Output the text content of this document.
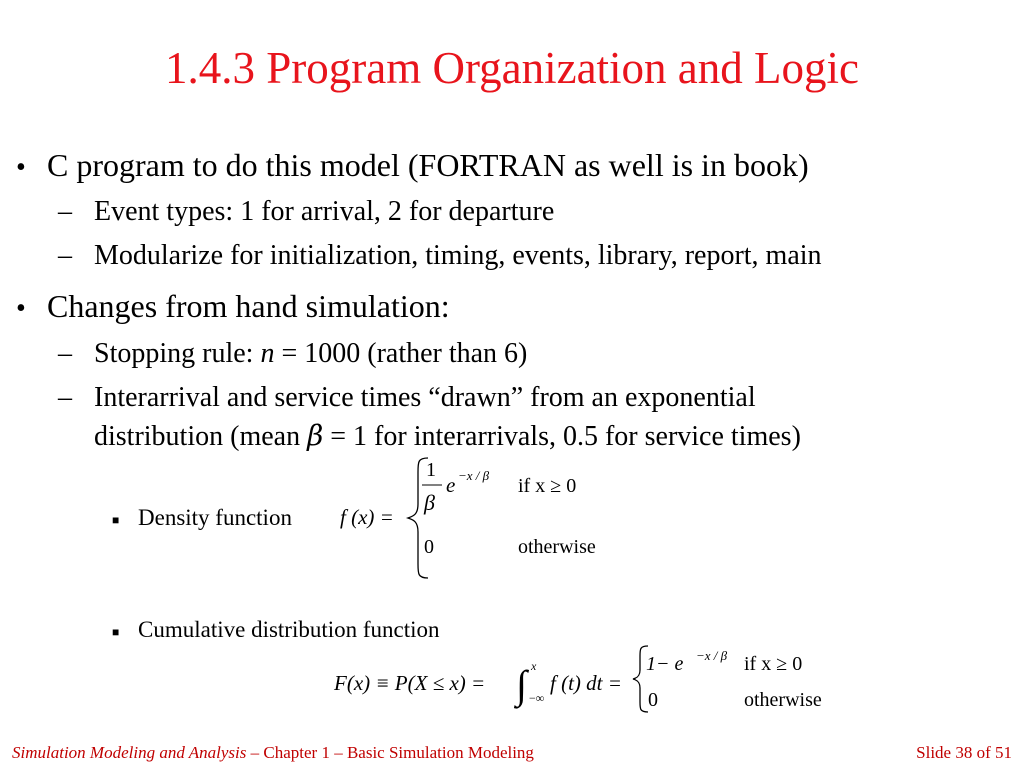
1.4.3 Program Organization and Logic
• C program to do this model (FORTRAN as well is in book)
– Event types: 1 for arrival, 2 for departure
– Modularize for initialization, timing, events, library, report, main
• Changes from hand simulation:
– Stopping rule: n = 1000 (rather than 6)
– Interarrival and service times “drawn” from an exponential
distribution (mean β = 1 for interarrivals, 0.5 for service times)
■ Density function f (x) =
1
β
e −x / β if x ≥ 0
0	otherwise
■ Cumulative distribution function
F(x) ≡ P(X ≤ x) = ∫ x
−∞
f (t) dt =
1− e −x / β if x ≥ 0
0	otherwise
Simulation Modeling and Analysis – Chapter 1 – Basic Simulation Modeling	Slide 38 of 51
